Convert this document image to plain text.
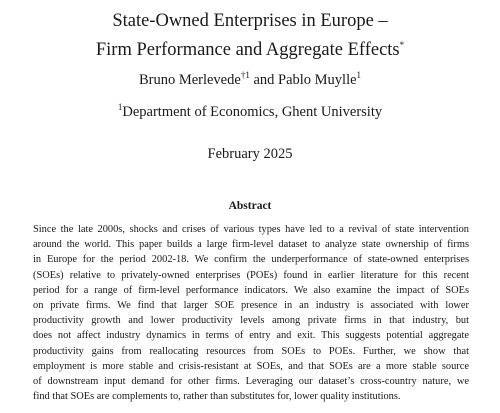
State-Owned Enterprises in Europe –
Firm Performance and Aggregate Effects*
Bruno Merlevede$^{\dagger 1}$ and Pablo Muylle$^1$
$^1$Department of Economics, Ghent University
February 2025
Abstract
Since the late 2000s, shocks and crises of various types have led to a revival of state intervention
around the world. This paper builds a large firm-level dataset to analyze state ownership of firms
in Europe for the period 2002-18. We confirm the underperformance of state-owned enterprises
(SOEs) relative to privately-owned enterprises (POEs) found in earlier literature for this recent
period for a range of firm-level performance indicators. We also examine the impact of SOEs
on private firms. We find that larger SOE presence in an industry is associated with lower
productivity growth and lower productivity levels among private firms in that industry, but
does not affect industry dynamics in terms of entry and exit. This suggests potential aggregate
productivity gains from reallocating resources from SOEs to POEs. Further, we show that
employment is more stable and crisis-resistant at SOEs, and that SOEs are a more stable source
of downstream input demand for other firms. Leveraging our dataset’s cross-country nature, we
find that SOEs are complements to, rather than substitutes for, lower quality institutions.
